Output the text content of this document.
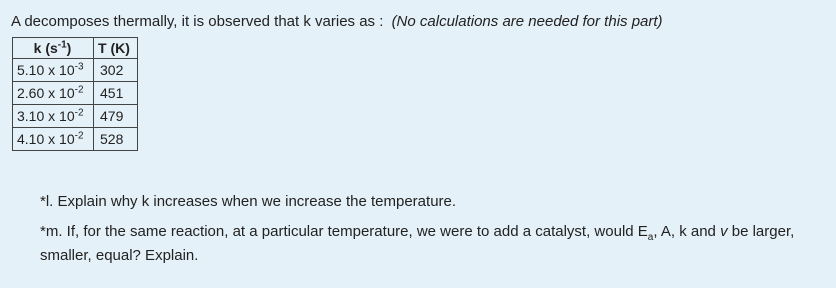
A decomposes thermally, it is observed that k varies as : (No calculations are needed for this part)
k $(s^{-1})$	T (K)
5.10 x $10^{-3}$	302
2.60 x $10^{-2}$	451
3.10 x $10^{-2}$	479
4.10 x $10^{-2}$	528
*l. Explain why k increases when we increase the temperature.
*m. If, for the same reaction, at a particular temperature, we were to add a catalyst, would $E_a$, A, k and v be larger, smaller, equal? Explain.
